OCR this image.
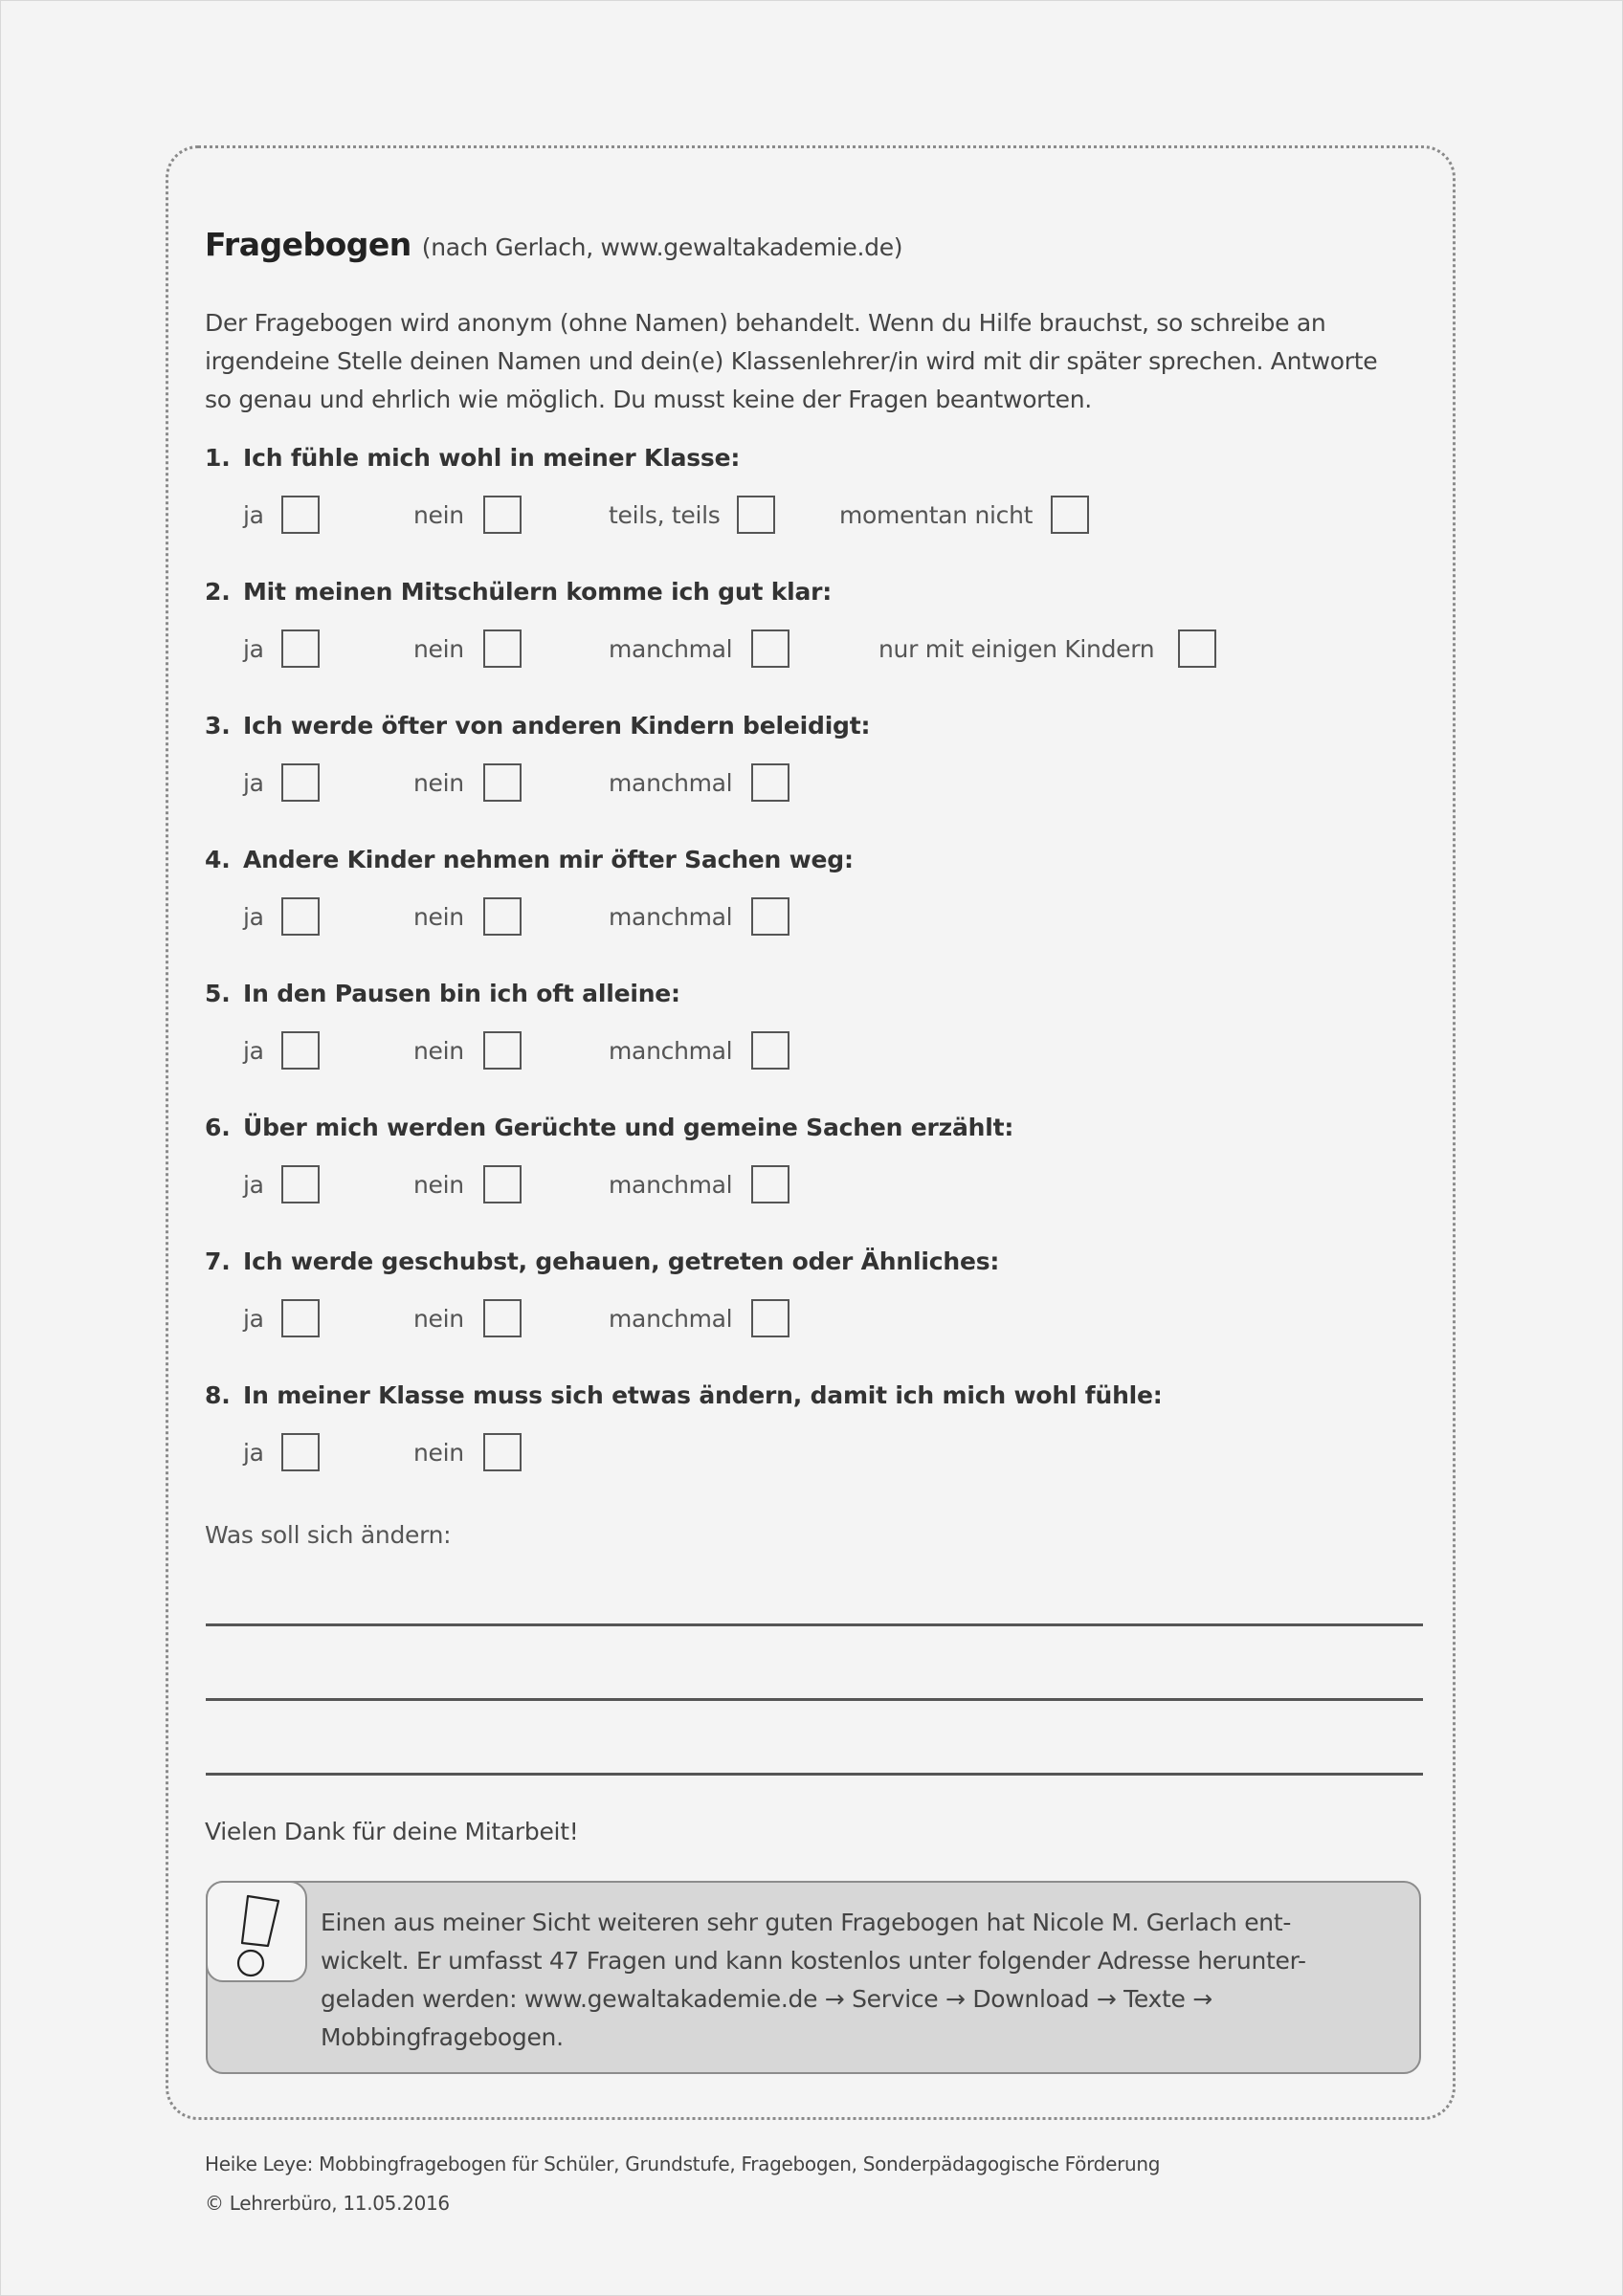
Fragebogen (nach Gerlach, www.gewaltakademie.de)
Der Fragebogen wird anonym (ohne Namen) behandelt. Wenn du Hilfe brauchst, so schreibe an
irgendeine Stelle deinen Namen und dein(e) Klassenlehrer/in wird mit dir später sprechen. Antworte
so genau und ehrlich wie möglich. Du musst keine der Fragen beantworten.
1. Ich fühle mich wohl in meiner Klasse:
ja	nein	teils, teils	momentan nicht
2. Mit meinen Mitschülern komme ich gut klar:
ja	nein	manchmal	nur mit einigen Kindern
3. Ich werde öfter von anderen Kindern beleidigt:
ja	nein	manchmal
4. Andere Kinder nehmen mir öfter Sachen weg:
ja	nein	manchmal
5. In den Pausen bin ich oft alleine:
ja	nein	manchmal
6. Über mich werden Gerüchte und gemeine Sachen erzählt:
ja	nein	manchmal
7. Ich werde geschubst, gehauen, getreten oder Ähnliches:
ja	nein	manchmal
8. In meiner Klasse muss sich etwas ändern, damit ich mich wohl fühle:
ja	nein
Was soll sich ändern:
Vielen Dank für deine Mitarbeit!
Einen aus meiner Sicht weiteren sehr guten Fragebogen hat Nicole M. Gerlach ent-
wickelt. Er umfasst 47 Fragen und kann kostenlos unter folgender Adresse herunter-
geladen werden: www.gewaltakademie.de → Service → Download → Texte →
Mobbingfragebogen.
Heike Leye: Mobbingfragebogen für Schüler, Grundstufe, Fragebogen, Sonderpädagogische Förderung
© Lehrerbüro, 11.05.2016
